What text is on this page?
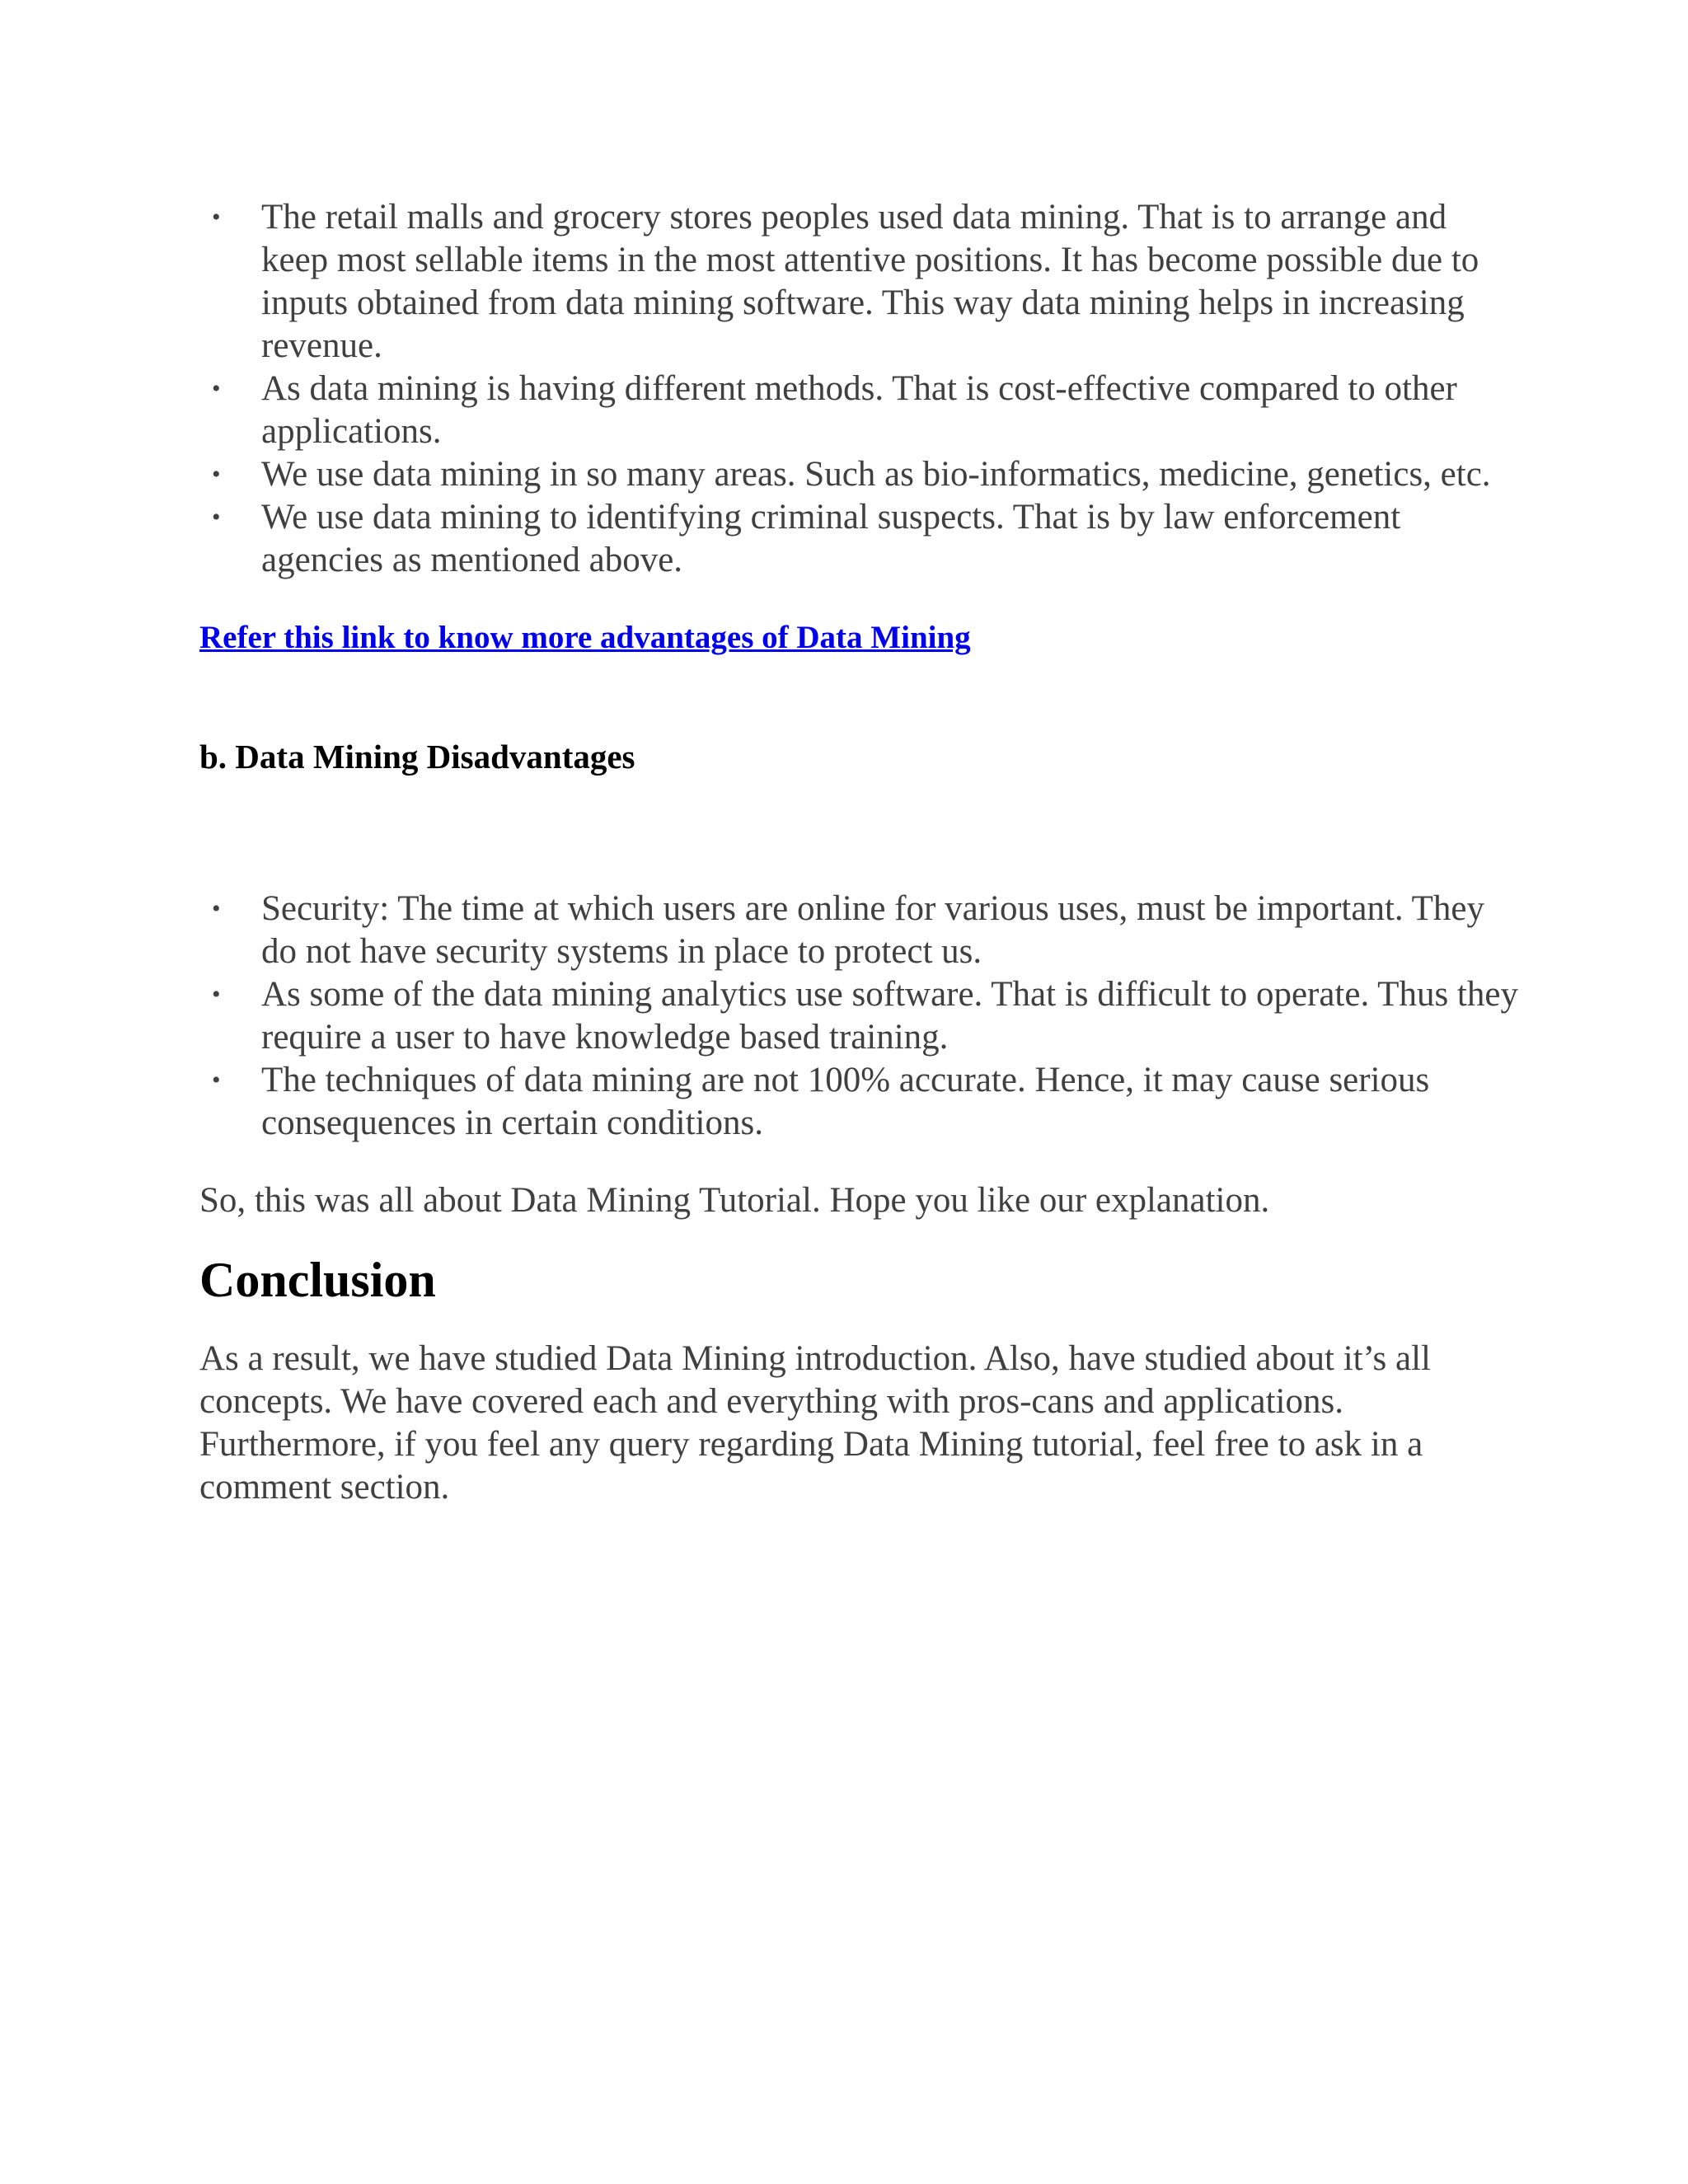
• The retail malls and grocery stores peoples used data mining. That is to arrange and keep most sellable items in the most attentive positions. It has become possible due to inputs obtained from data mining software. This way data mining helps in increasing revenue.
• As data mining is having different methods. That is cost-effective compared to other applications.
• We use data mining in so many areas. Such as bio-informatics, medicine, genetics, etc.
• We use data mining to identifying criminal suspects. That is by law enforcement agencies as mentioned above.

Refer this link to know more advantages of Data Mining

b. Data Mining Disadvantages

• Security: The time at which users are online for various uses, must be important. They do not have security systems in place to protect us.
• As some of the data mining analytics use software. That is difficult to operate. Thus they require a user to have knowledge based training.
• The techniques of data mining are not 100% accurate. Hence, it may cause serious consequences in certain conditions.

So, this was all about Data Mining Tutorial. Hope you like our explanation.

Conclusion

As a result, we have studied Data Mining introduction. Also, have studied about it’s all concepts. We have covered each and everything with pros-cans and applications. Furthermore, if you feel any query regarding Data Mining tutorial, feel free to ask in a comment section.
